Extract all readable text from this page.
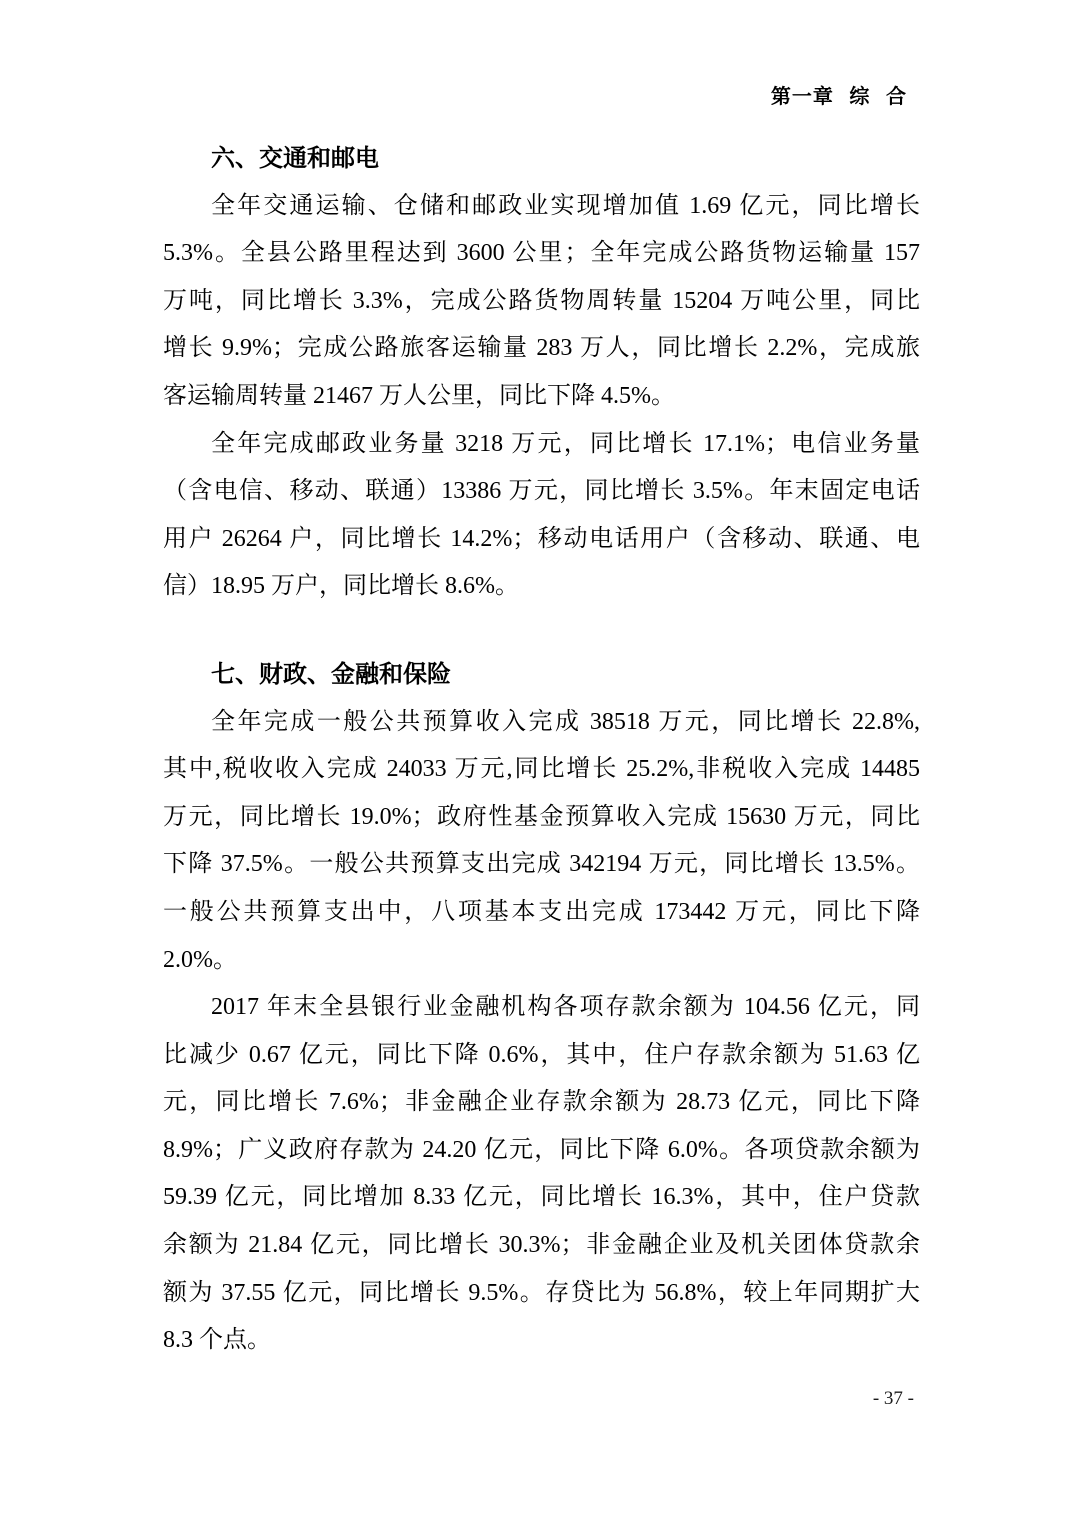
第一章 综 合
六、交通和邮电
全年交通运输、仓储和邮政业实现增加值 1.69 亿元，同比增长
5.3%。全县公路里程达到 3600 公里；全年完成公路货物运输量 157
万吨，同比增长 3.3%，完成公路货物周转量 15204 万吨公里，同比
增长 9.9%；完成公路旅客运输量 283 万人，同比增长 2.2%，完成旅
客运输周转量 21467 万人公里，同比下降 4.5%。
全年完成邮政业务量 3218 万元，同比增长 17.1%；电信业务量
（含电信、移动、联通）13386 万元，同比增长 3.5%。年末固定电话
用户 26264 户，同比增长 14.2%；移动电话用户（含移动、联通、电
信）18.95 万户，同比增长 8.6%。
七、财政、金融和保险
全年完成一般公共预算收入完成 38518 万元，同比增长 22.8%,
其中,税收收入完成 24033 万元,同比增长 25.2%,非税收入完成 14485
万元，同比增长 19.0%；政府性基金预算收入完成 15630 万元，同比
下降 37.5%。一般公共预算支出完成 342194 万元，同比增长 13.5%。
一般公共预算支出中，八项基本支出完成 173442 万元，同比下降
2.0%。
2017 年末全县银行业金融机构各项存款余额为 104.56 亿元，同
比减少 0.67 亿元，同比下降 0.6%，其中，住户存款余额为 51.63 亿
元，同比增长 7.6%；非金融企业存款余额为 28.73 亿元，同比下降
8.9%；广义政府存款为 24.20 亿元，同比下降 6.0%。各项贷款余额为
59.39 亿元，同比增加 8.33 亿元，同比增长 16.3%，其中，住户贷款
余额为 21.84 亿元，同比增长 30.3%；非金融企业及机关团体贷款余
额为 37.55 亿元，同比增长 9.5%。存贷比为 56.8%，较上年同期扩大
8.3 个点。
- 37 -
